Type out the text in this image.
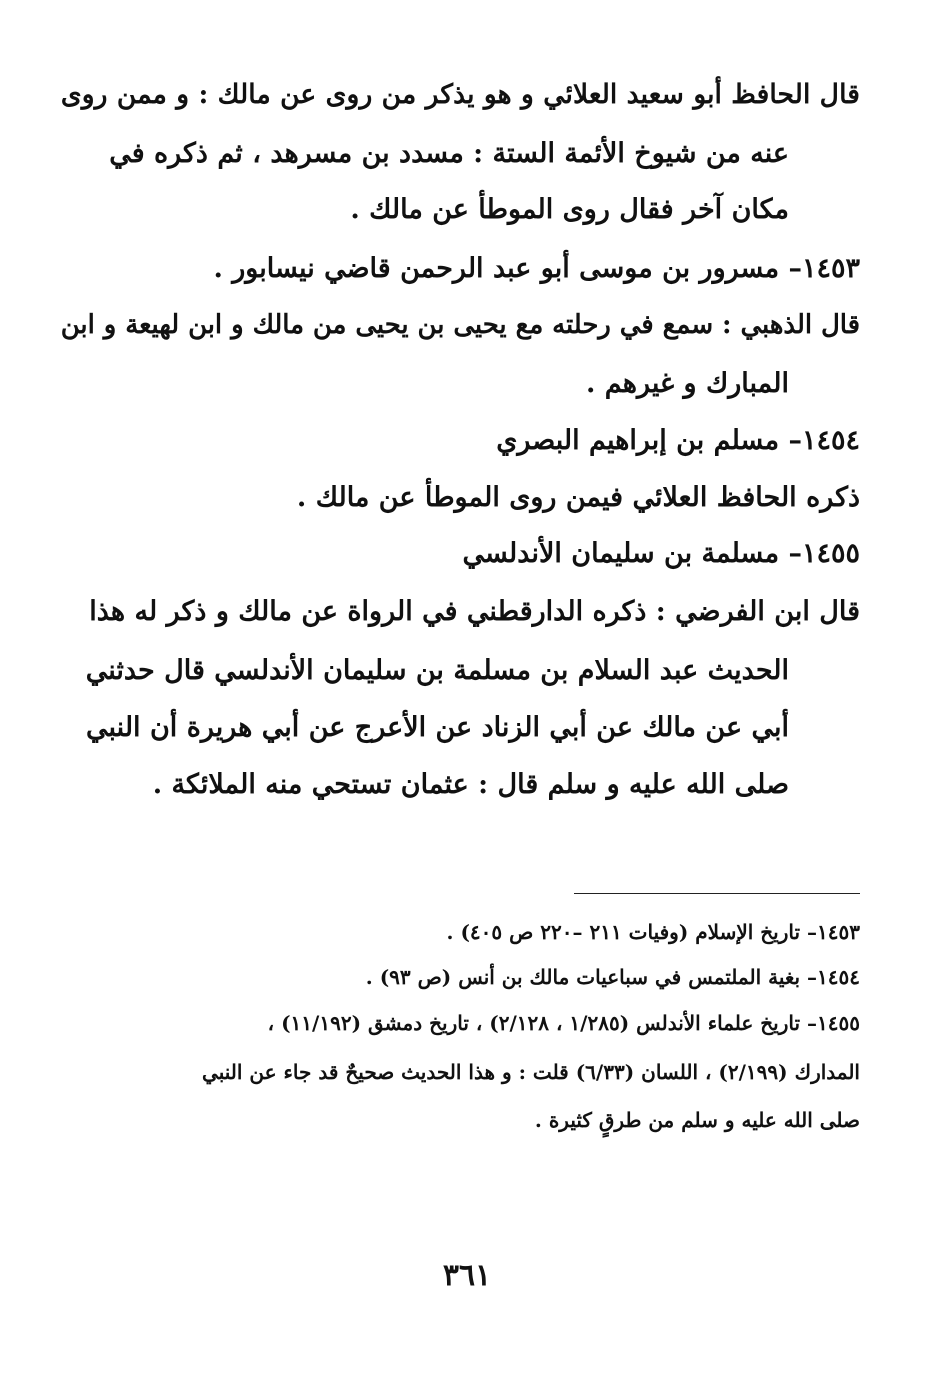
قال الحافظ أبو سعيد العلائي و هو يذكر من روى عن مالك : و ممن روى
عنه من شيوخ الأئمة الستة : مسدد بن مسرهد ، ثم ذكره في
مكان آخر فقال روى الموطأ عن مالك .
١٤٥٣– مسرور بن موسى أبو عبد الرحمن قاضي نيسابور .
قال الذهبي : سمع في رحلته مع يحيى بن يحيى من مالك و ابن لهيعة و ابن
المبارك و غيرهم .
١٤٥٤– مسلم بن إبراهيم البصري
ذكره الحافظ العلائي فيمن روى الموطأ عن مالك .
١٤٥٥– مسلمة بن سليمان الأندلسي
قال ابن الفرضي : ذكره الدارقطني في الرواة عن مالك و ذكر له هذا
الحديث عبد السلام بن مسلمة بن سليمان الأندلسي قال حدثني
أبي عن مالك عن أبي الزناد عن الأعرج عن أبي هريرة أن النبي
صلى الله عليه و سلم قال : عثمان تستحي منه الملائكة .
١٤٥٣– تاريخ الإسلام (وفيات ٢١١ –٢٢٠ ص ٤٠٥) .
١٤٥٤– بغية الملتمس في سباعيات مالك بن أنس (ص ٩٣) .
١٤٥٥– تاريخ علماء الأندلس (١/٢٨٥ ، ٢/١٢٨) ، تاريخ دمشق (١١/١٩٢) ،
المدارك (٢/١٩٩) ، اللسان (٦/٣٣) قلت : و هذا الحديث صحيحٌ قد جاء عن النبي
صلى الله عليه و سلم من طرقٍ كثيرة .
٣٦١
